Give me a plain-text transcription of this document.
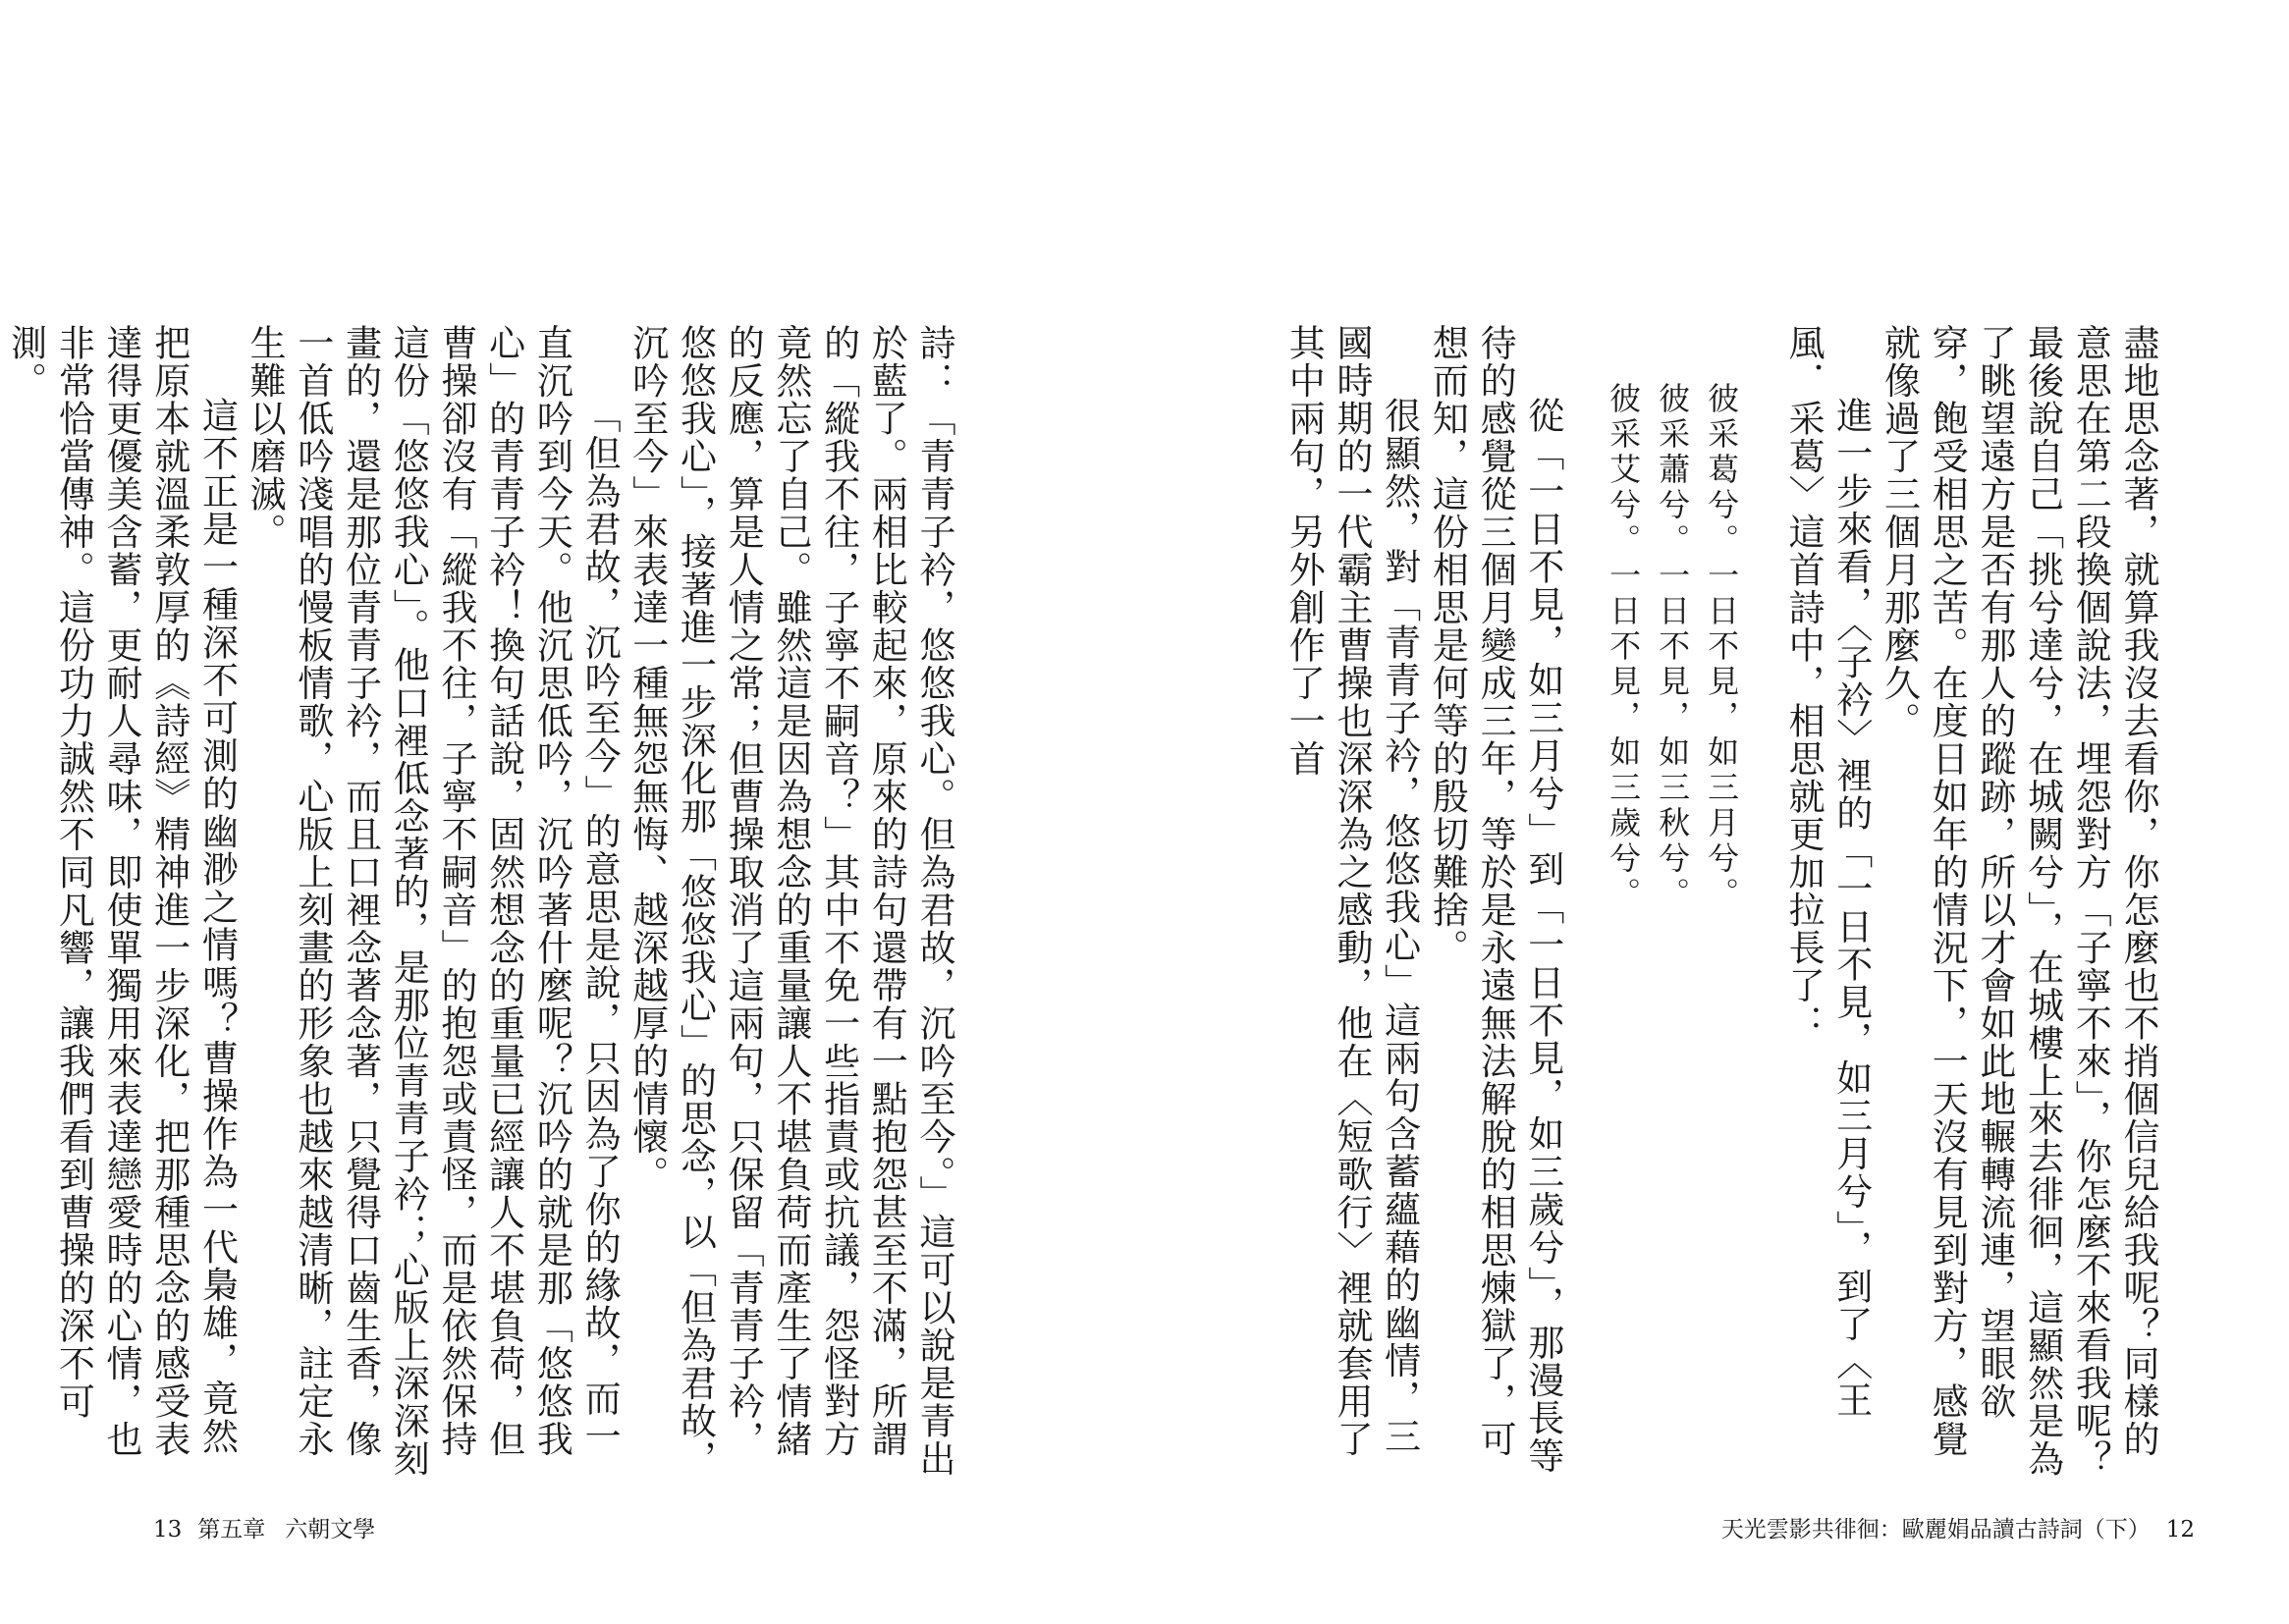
詩：「青青子衿，悠悠我心。但為君故，沉吟至今。」這可以說是青出於藍了。兩相比較起來，原來的詩句還帶有一點抱怨甚至不滿，所謂的「縱我不往，子寧不嗣音？」其中不免一些指責或抗議，怨怪對方竟然忘了自己。雖然這是因為想念的重量讓人不堪負荷而產生了情緒的反應，算是人情之常；但曹操取消了這兩句，只保留「青青子衿，悠悠我心」，接著進一步深化那「悠悠我心」的思念，以「但為君故，沉吟至今」來表達一種無怨無悔、越深越厚的情懷。

「但為君故，沉吟至今」的意思是說，只因為了你的緣故，而一直沉吟到今天。他沉思低吟，沉吟著什麼呢？沉吟的就是那「悠悠我心」的青青子衿！換句話說，固然想念的重量已經讓人不堪負荷，但曹操卻沒有「縱我不往，子寧不嗣音」的抱怨或責怪，而是依然保持這份「悠悠我心」。他口裡低念著的，是那位青青子衿；心版上深深刻畫的，還是那位青青子衿，而且口裡念著念著，只覺得口齒生香，像一首低吟淺唱的慢板情歌，心版上刻畫的形象也越來越清晰，註定永生難以磨滅。

這不正是一種深不可測的幽渺之情嗎？曹操作為一代梟雄，竟然把原本就溫柔敦厚的《詩經》精神進一步深化，把那種思念的感受表達得更優美含蓄，更耐人尋味，即使單獨用來表達戀愛時的心情，也非常恰當傳神。這份功力誠然不同凡響，讓我們看到曹操的深不可測。

13 第五章 六朝文學

盡地思念著，就算我沒去看你，你怎麼也不捎個信兒給我呢？同樣的意思在第二段換個說法，埋怨對方「子寧不來」，你怎麼不來看我呢？最後說自己「挑兮達兮，在城闕兮」，在城樓上來去徘徊，這顯然是為了眺望遠方是否有那人的蹤跡，所以才會如此地輾轉流連，望眼欲穿，飽受相思之苦。在度日如年的情況下，一天沒有見到對方，感覺就像過了三個月那麼久。

進一步來看，〈子衿〉裡的「一日不見，如三月兮」，到了〈王風．采葛〉這首詩中，相思就更加拉長了：

彼采葛兮。一日不見，如三月兮。
彼采蕭兮。一日不見，如三秋兮。
彼采艾兮。一日不見，如三歲兮。

從「一日不見，如三月兮」到「一日不見，如三歲兮」，那漫長等待的感覺從三個月變成三年，等於是永遠無法解脫的相思煉獄了，可想而知，這份相思是何等的殷切難捨。

很顯然，對「青青子衿，悠悠我心」這兩句含蓄蘊藉的幽情，三國時期的一代霸主曹操也深深為之感動，他在〈短歌行〉裡就套用了其中兩句，另外創作了一首

天光雲影共徘徊：歐麗娟品讀古詩詞（下） 12
